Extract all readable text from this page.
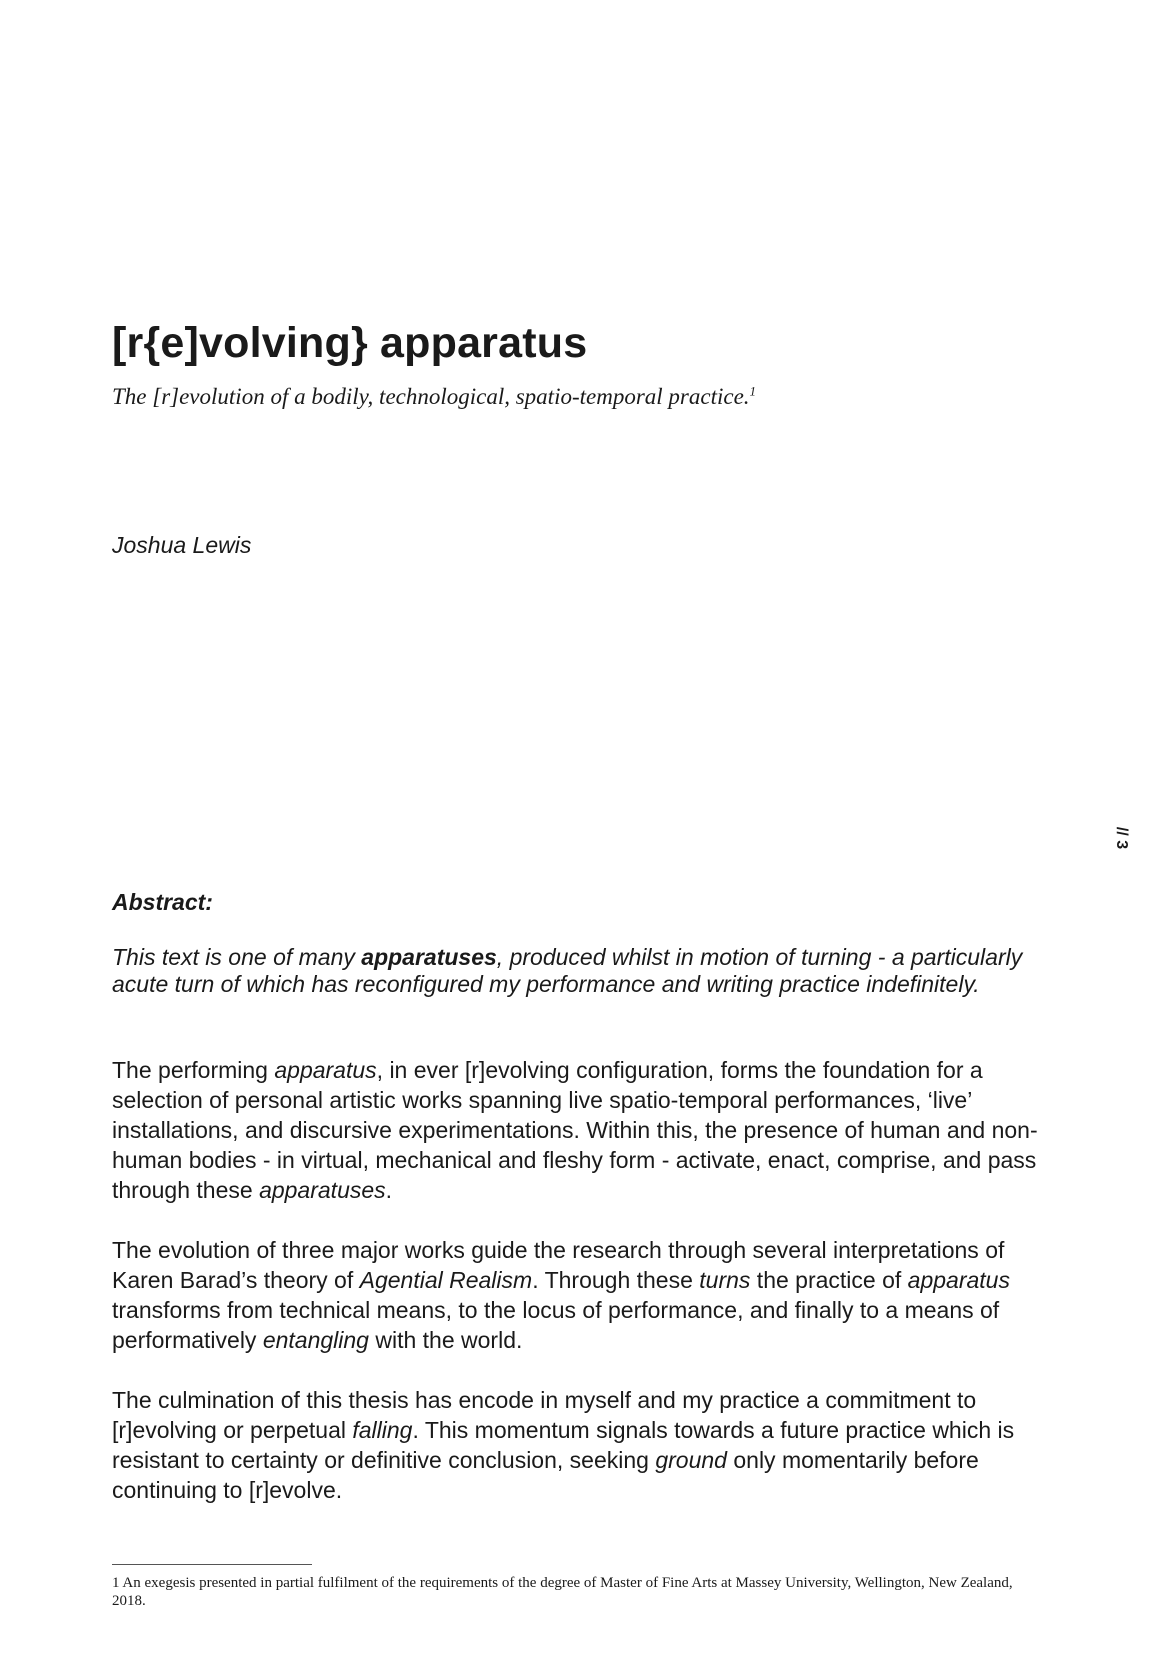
[r{e]volving} apparatus

The [r]evolution of a bodily, technological, spatio-temporal practice.$^1$

Joshua Lewis

// 3
Abstract:

This text is one of many apparatuses, produced whilst in motion of turning - a particularly acute turn of which has reconfigured my performance and writing practice indefinitely.

The performing apparatus, in ever [r]evolving configuration, forms the foundation for a selection of personal artistic works spanning live spatio-temporal performances, ‘live’ installations, and discursive experimentations. Within this, the presence of human and non-human bodies - in virtual, mechanical and fleshy form - activate, enact, comprise, and pass through these apparatuses.

The evolution of three major works guide the research through several interpretations of Karen Barad’s theory of Agential Realism. Through these turns the practice of apparatus transforms from technical means, to the locus of performance, and finally to a means of performatively entangling with the world.

The culmination of this thesis has encode in myself and my practice a commitment to [r]evolving or perpetual falling. This momentum signals towards a future practice which is resistant to certainty or definitive conclusion, seeking ground only momentarily before continuing to [r]evolve.

1 An exegesis presented in partial fulfilment of the requirements of the degree of Master of Fine Arts at Massey University, Wellington, New Zealand, 2018.
